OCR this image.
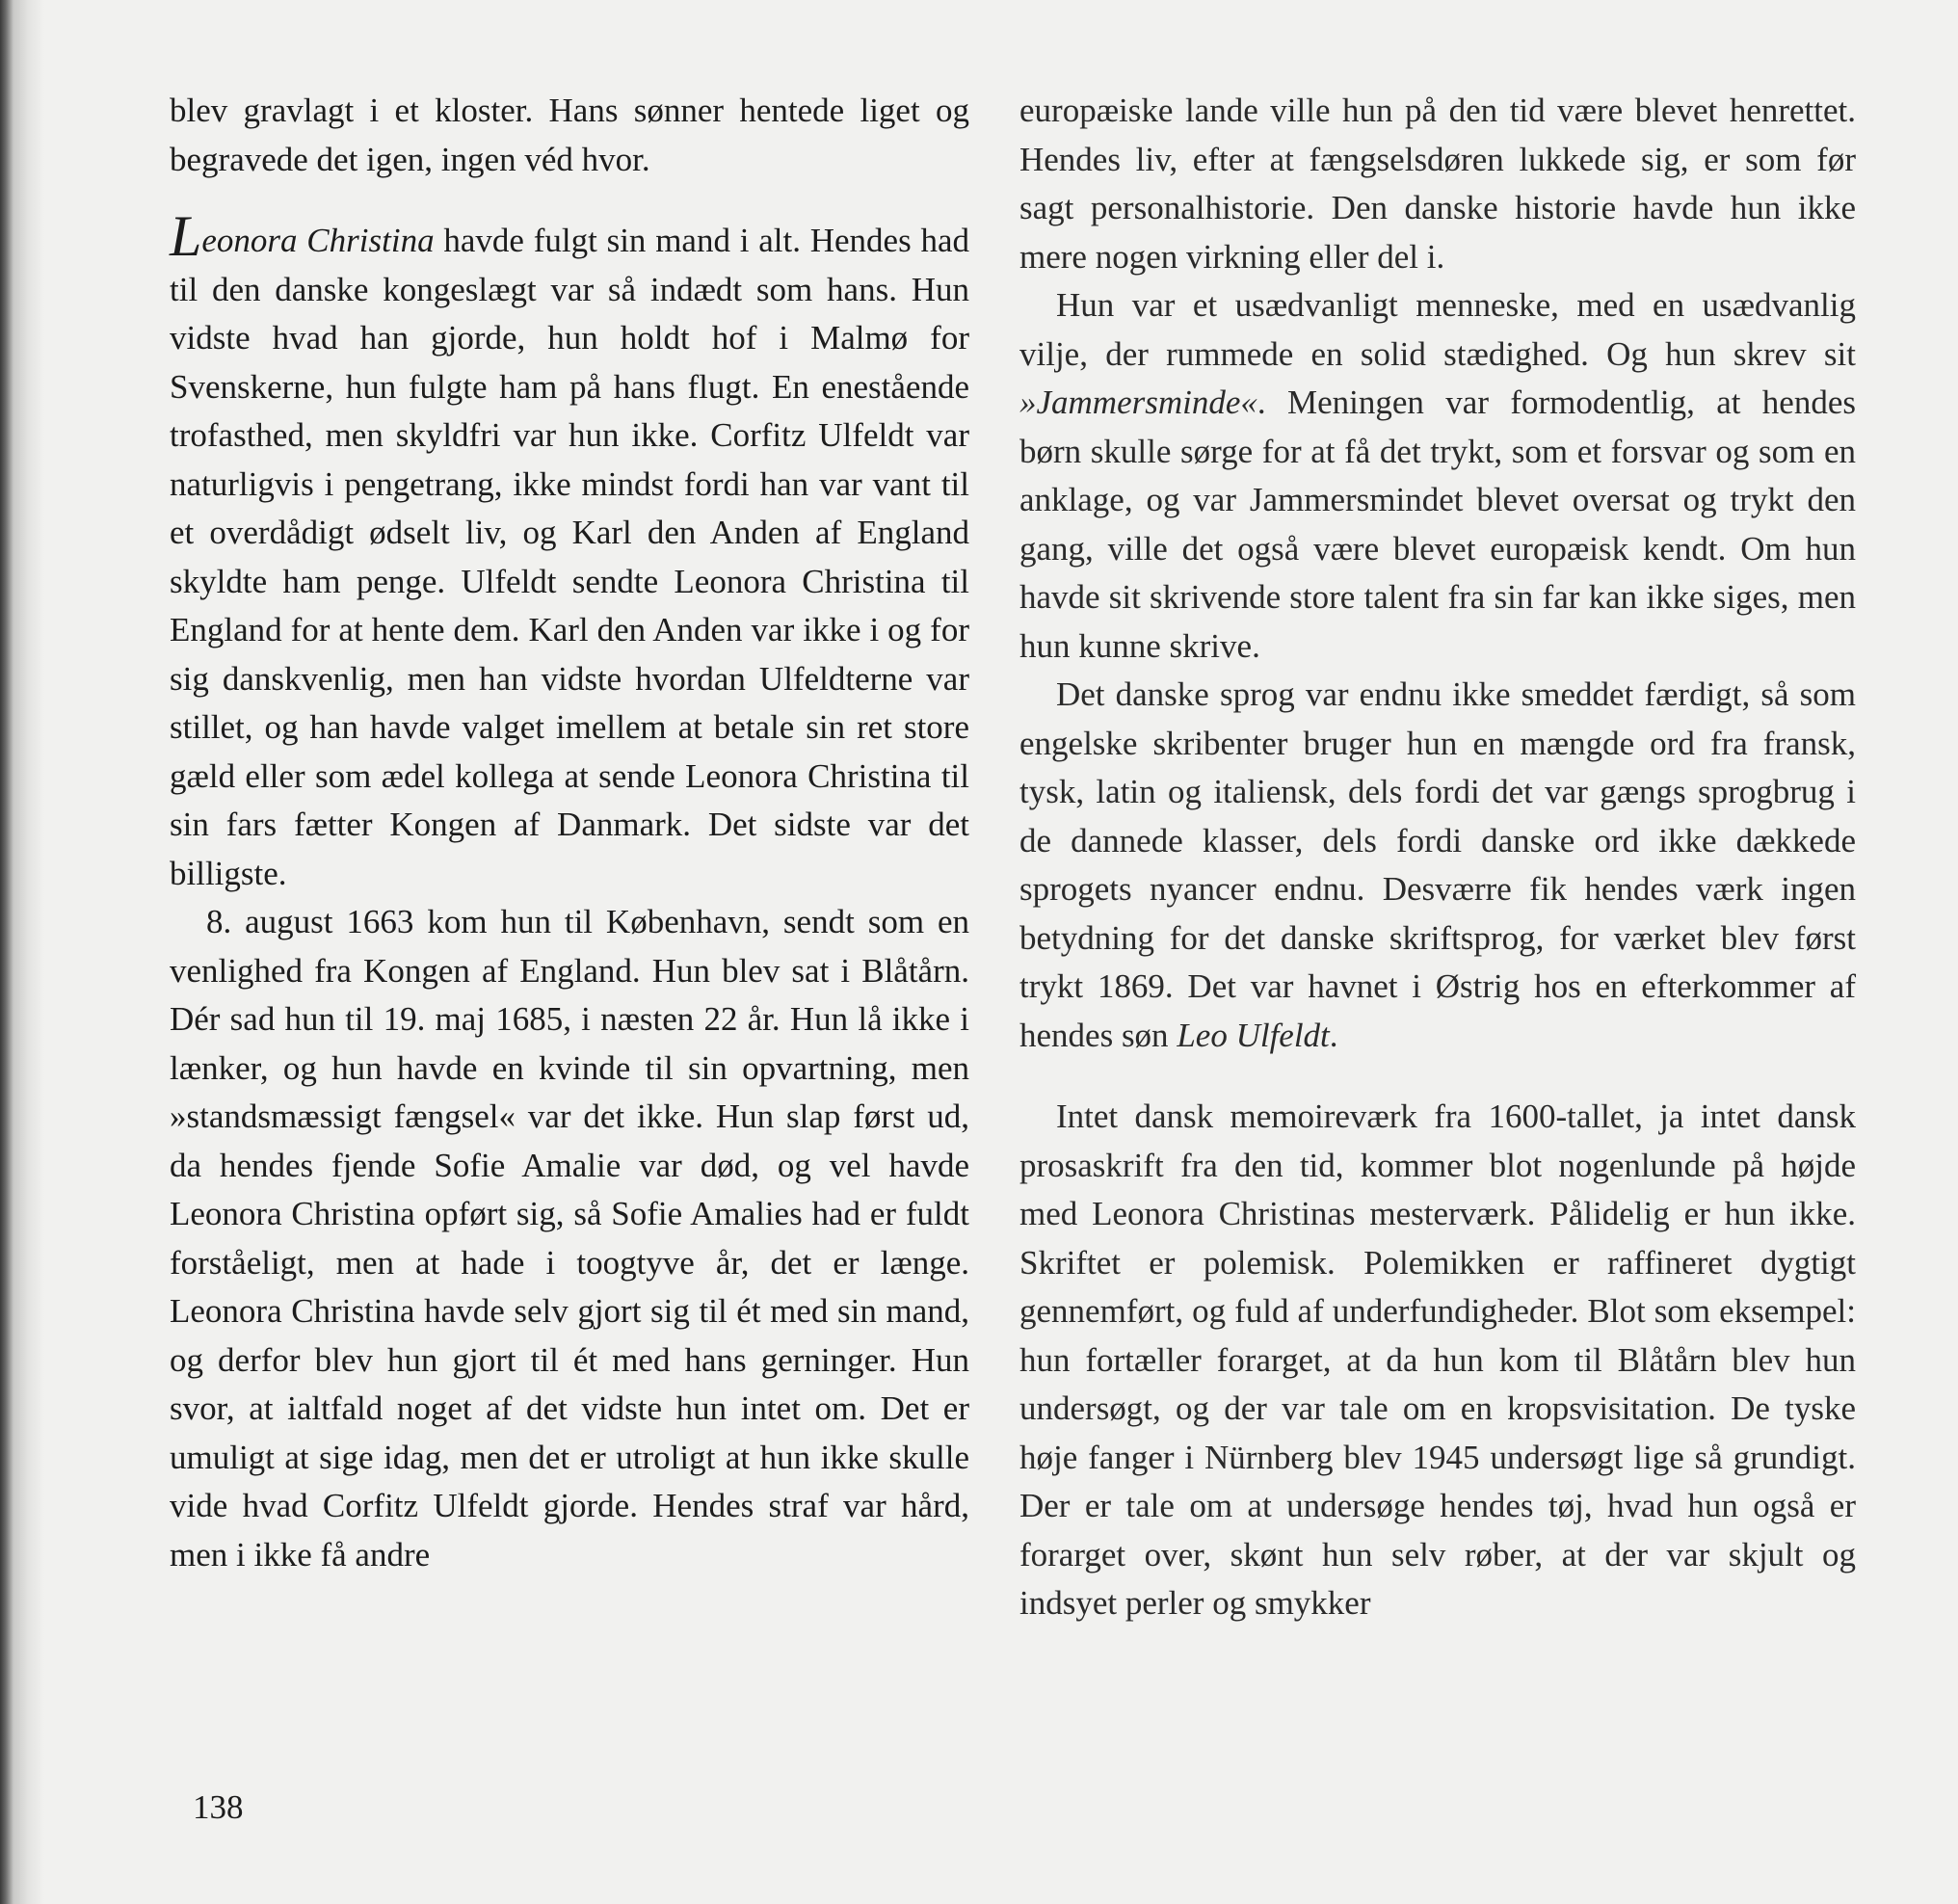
blev gravlagt i et kloster. Hans sønner hentede liget og begravede det igen, ingen véd hvor.

Leonora Christina havde fulgt sin mand i alt. Hendes had til den danske kongeslægt var så indædt som hans. Hun vidste hvad han gjorde, hun holdt hof i Malmø for Svenskerne, hun fulgte ham på hans flugt. En enestående trofasthed, men skyldfri var hun ikke. Corfitz Ulfeldt var naturligvis i pengetrang, ikke mindst fordi han var vant til et overdådigt ødselt liv, og Karl den Anden af England skyldte ham penge. Ulfeldt sendte Leonora Christina til England for at hente dem. Karl den Anden var ikke i og for sig danskvenlig, men han vidste hvordan Ulfeldterne var stillet, og han havde valget imellem at betale sin ret store gæld eller som ædel kollega at sende Leonora Christina til sin fars fætter Kongen af Danmark. Det sidste var det billigste.

8. august 1663 kom hun til København, sendt som en venlighed fra Kongen af England. Hun blev sat i Blåtårn. Dér sad hun til 19. maj 1685, i næsten 22 år. Hun lå ikke i lænker, og hun havde en kvinde til sin opvartning, men »standsmæssigt fængsel« var det ikke. Hun slap først ud, da hendes fjende Sofie Amalie var død, og vel havde Leonora Christina opført sig, så Sofie Amalies had er fuldt forståeligt, men at hade i toogtyve år, det er længe. Leonora Christina havde selv gjort sig til ét med sin mand, og derfor blev hun gjort til ét med hans gerninger. Hun svor, at ialtfald noget af det vidste hun intet om. Det er umuligt at sige idag, men det er utroligt at hun ikke skulle vide hvad Corfitz Ulfeldt gjorde. Hendes straf var hård, men i ikke få andre

europæiske lande ville hun på den tid være blevet henrettet. Hendes liv, efter at fængselsdøren lukkede sig, er som før sagt personalhistorie. Den danske historie havde hun ikke mere nogen virkning eller del i.

Hun var et usædvanligt menneske, med en usædvanlig vilje, der rummede en solid stædighed. Og hun skrev sit »Jammersminde«. Meningen var formodentlig, at hendes børn skulle sørge for at få det trykt, som et forsvar og som en anklage, og var Jammersmindet blevet oversat og trykt den gang, ville det også være blevet europæisk kendt. Om hun havde sit skrivende store talent fra sin far kan ikke siges, men hun kunne skrive.

Det danske sprog var endnu ikke smeddet færdigt, så som engelske skribenter bruger hun en mængde ord fra fransk, tysk, latin og italiensk, dels fordi det var gængs sprogbrug i de dannede klasser, dels fordi danske ord ikke dækkede sprogets nyancer endnu. Desværre fik hendes værk ingen betydning for det danske skriftsprog, for værket blev først trykt 1869. Det var havnet i Østrig hos en efterkommer af hendes søn Leo Ulfeldt.

Intet dansk memoireværk fra 1600-tallet, ja intet dansk prosaskrift fra den tid, kommer blot nogenlunde på højde med Leonora Christinas mesterværk. Pålidelig er hun ikke. Skriftet er polemisk. Polemikken er raffineret dygtigt gennemført, og fuld af underfundigheder. Blot som eksempel: hun fortæller forarget, at da hun kom til Blåtårn blev hun undersøgt, og der var tale om en kropsvisitation. De tyske høje fanger i Nürnberg blev 1945 undersøgt lige så grundigt. Der er tale om at undersøge hendes tøj, hvad hun også er forarget over, skønt hun selv røber, at der var skjult og indsyet perler og smykker

138
